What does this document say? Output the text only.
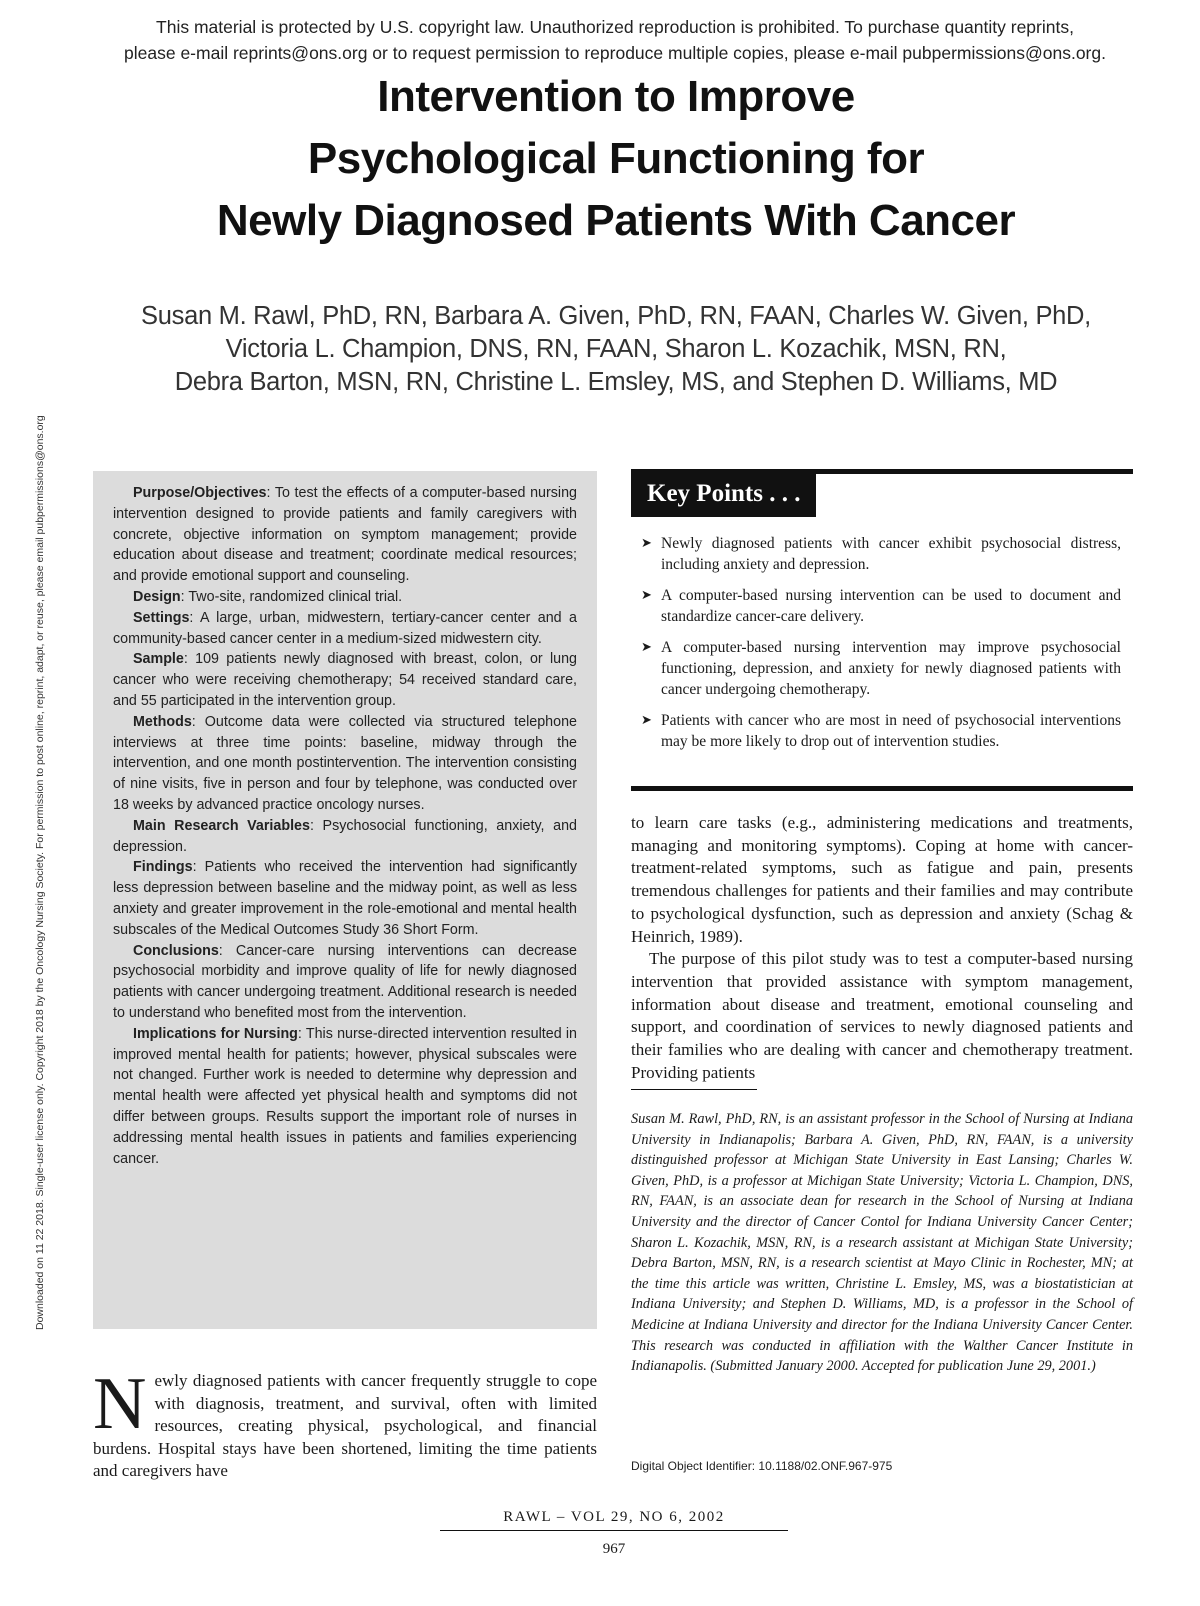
This material is protected by U.S. copyright law. Unauthorized reproduction is prohibited. To purchase quantity reprints,
please e-mail reprints@ons.org or to request permission to reproduce multiple copies, please e-mail pubpermissions@ons.org.
Downloaded on 11 22 2018. Single-user license only. Copyright 2018 by the Oncology Nursing Society. For permission to post online, reprint, adapt, or reuse, please email pubpermissions@ons.org
Intervention to Improve
Psychological Functioning for
Newly Diagnosed Patients With Cancer
Susan M. Rawl, PhD, RN, Barbara A. Given, PhD, RN, FAAN, Charles W. Given, PhD,
Victoria L. Champion, DNS, RN, FAAN, Sharon L. Kozachik, MSN, RN,
Debra Barton, MSN, RN, Christine L. Emsley, MS, and Stephen D. Williams, MD

Purpose/Objectives: To test the effects of a computer-based nursing intervention designed to provide patients and family caregivers with concrete, objective information on symptom management; provide education about disease and treatment; coordinate medical resources; and provide emotional support and counseling.

Design: Two-site, randomized clinical trial.

Settings: A large, urban, midwestern, tertiary-cancer center and a community-based cancer center in a medium-sized midwestern city.

Sample: 109 patients newly diagnosed with breast, colon, or lung cancer who were receiving chemotherapy; 54 received standard care, and 55 participated in the intervention group.

Methods: Outcome data were collected via structured telephone interviews at three time points: baseline, midway through the intervention, and one month postintervention. The intervention consisting of nine visits, five in person and four by telephone, was conducted over 18 weeks by advanced practice oncology nurses.

Main Research Variables: Psychosocial functioning, anxiety, and depression.

Findings: Patients who received the intervention had significantly less depression between baseline and the midway point, as well as less anxiety and greater improvement in the role-emotional and mental health subscales of the Medical Outcomes Study 36 Short Form.

Conclusions: Cancer-care nursing interventions can decrease psychosocial morbidity and improve quality of life for newly diagnosed patients with cancer undergoing treatment. Additional research is needed to understand who benefited most from the intervention.

Implications for Nursing: This nurse-directed intervention resulted in improved mental health for patients; however, physical subscales were not changed. Further work is needed to determine why depression and mental health were affected yet physical health and symptoms did not differ between groups. Results support the important role of nurses in addressing mental health issues in patients and families experiencing cancer.

Newly diagnosed patients with cancer frequently struggle to cope with diagnosis, treatment, and survival, often with limited resources, creating physical, psychological, and financial burdens. Hospital stays have been shortened, limiting the time patients and caregivers have

Key Points . . .
➤ Newly diagnosed patients with cancer exhibit psychosocial distress, including anxiety and depression.
➤ A computer-based nursing intervention can be used to document and standardize cancer-care delivery.
➤ A computer-based nursing intervention may improve psychosocial functioning, depression, and anxiety for newly diagnosed patients with cancer undergoing chemotherapy.
➤ Patients with cancer who are most in need of psychosocial interventions may be more likely to drop out of intervention studies.

to learn care tasks (e.g., administering medications and treatments, managing and monitoring symptoms). Coping at home with cancer-treatment-related symptoms, such as fatigue and pain, presents tremendous challenges for patients and their families and may contribute to psychological dysfunction, such as depression and anxiety (Schag & Heinrich, 1989).

The purpose of this pilot study was to test a computer-based nursing intervention that provided assistance with symptom management, information about disease and treatment, emotional counseling and support, and coordination of services to newly diagnosed patients and their families who are dealing with cancer and chemotherapy treatment. Providing patients

Susan M. Rawl, PhD, RN, is an assistant professor in the School of Nursing at Indiana University in Indianapolis; Barbara A. Given, PhD, RN, FAAN, is a university distinguished professor at Michigan State University in East Lansing; Charles W. Given, PhD, is a professor at Michigan State University; Victoria L. Champion, DNS, RN, FAAN, is an associate dean for research in the School of Nursing at Indiana University and the director of Cancer Contol for Indiana University Cancer Center; Sharon L. Kozachik, MSN, RN, is a research assistant at Michigan State University; Debra Barton, MSN, RN, is a research scientist at Mayo Clinic in Rochester, MN; at the time this article was written, Christine L. Emsley, MS, was a biostatistician at Indiana University; and Stephen D. Williams, MD, is a professor in the School of Medicine at Indiana University and director for the Indiana University Cancer Center. This research was conducted in affiliation with the Walther Cancer Institute in Indianapolis. (Submitted January 2000. Accepted for publication June 29, 2001.)

Digital Object Identifier: 10.1188/02.ONF.967-975

RAWL – VOL 29, NO 6, 2002
967
